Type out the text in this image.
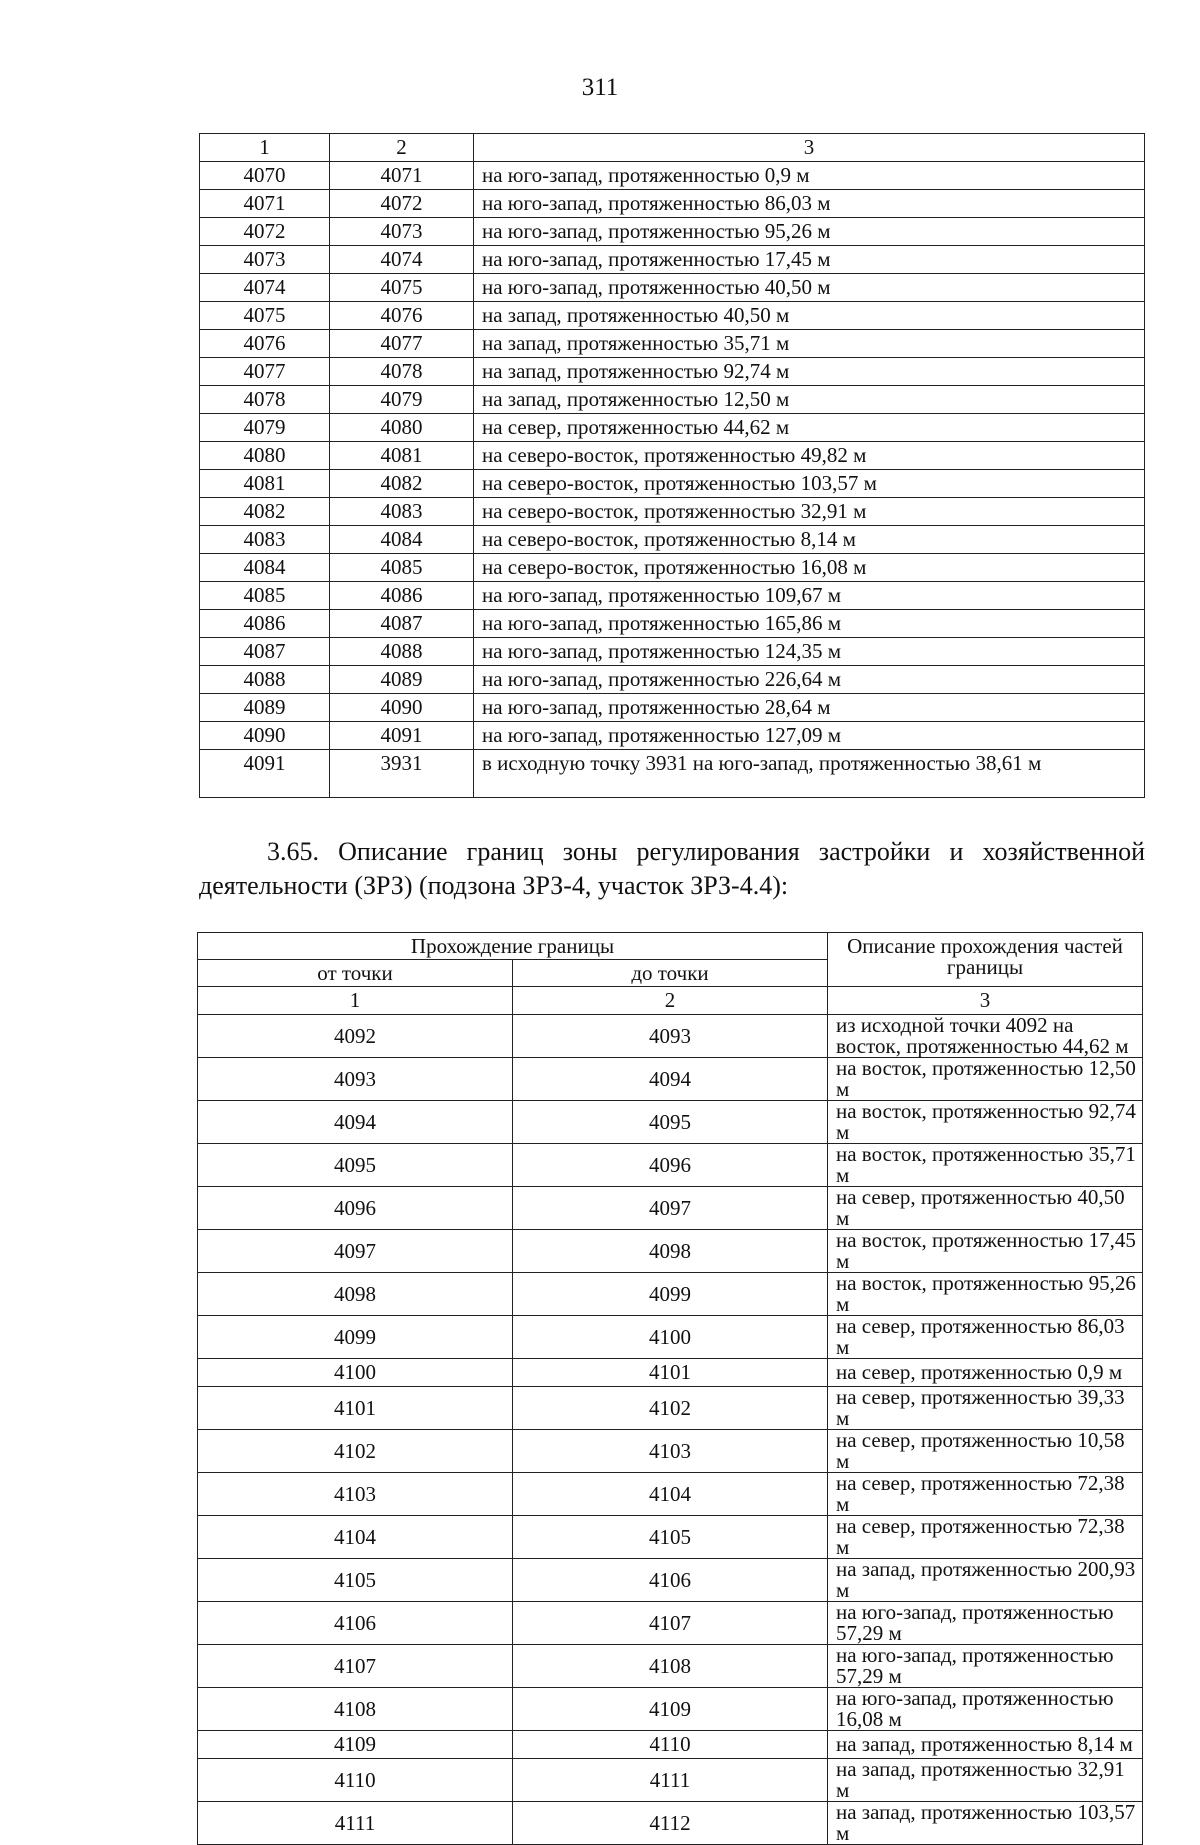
311
1	2	3
4070	4071	на юго-запад, протяженностью 0,9 м
4071	4072	на юго-запад, протяженностью 86,03 м
4072	4073	на юго-запад, протяженностью 95,26 м
4073	4074	на юго-запад, протяженностью 17,45 м
4074	4075	на юго-запад, протяженностью 40,50 м
4075	4076	на запад, протяженностью 40,50 м
4076	4077	на запад, протяженностью 35,71 м
4077	4078	на запад, протяженностью 92,74 м
4078	4079	на запад, протяженностью 12,50 м
4079	4080	на север, протяженностью 44,62 м
4080	4081	на северо-восток, протяженностью 49,82 м
4081	4082	на северо-восток, протяженностью 103,57 м
4082	4083	на северо-восток, протяженностью 32,91 м
4083	4084	на северо-восток, протяженностью 8,14 м
4084	4085	на северо-восток, протяженностью 16,08 м
4085	4086	на юго-запад, протяженностью 109,67 м
4086	4087	на юго-запад, протяженностью 165,86 м
4087	4088	на юго-запад, протяженностью 124,35 м
4088	4089	на юго-запад, протяженностью 226,64 м
4089	4090	на юго-запад, протяженностью 28,64 м
4090	4091	на юго-запад, протяженностью 127,09 м
4091	3931	в исходную точку 3931 на юго-запад, протяженностью 38,61 м
3.65. Описание границ зоны регулирования застройки и хозяйственной деятельности (ЗРЗ) (подзона ЗРЗ-4, участок ЗРЗ-4.4):
Прохождение границы		Описание прохождения частей границы
от точки	до точки	
1	2	3
4092	4093	из исходной точки 4092 на восток, протяженностью 44,62 м
4093	4094	на восток, протяженностью 12,50 м
4094	4095	на восток, протяженностью 92,74 м
4095	4096	на восток, протяженностью 35,71 м
4096	4097	на север, протяженностью 40,50 м
4097	4098	на восток, протяженностью 17,45 м
4098	4099	на восток, протяженностью 95,26 м
4099	4100	на север, протяженностью 86,03 м
4100	4101	на север, протяженностью 0,9 м
4101	4102	на север, протяженностью 39,33 м
4102	4103	на север, протяженностью 10,58 м
4103	4104	на север, протяженностью 72,38 м
4104	4105	на север, протяженностью 72,38 м
4105	4106	на запад, протяженностью 200,93 м
4106	4107	на юго-запад, протяженностью 57,29 м
4107	4108	на юго-запад, протяженностью 57,29 м
4108	4109	на юго-запад, протяженностью 16,08 м
4109	4110	на запад, протяженностью 8,14 м
4110	4111	на запад, протяженностью 32,91 м
4111	4112	на запад, протяженностью 103,57 м
